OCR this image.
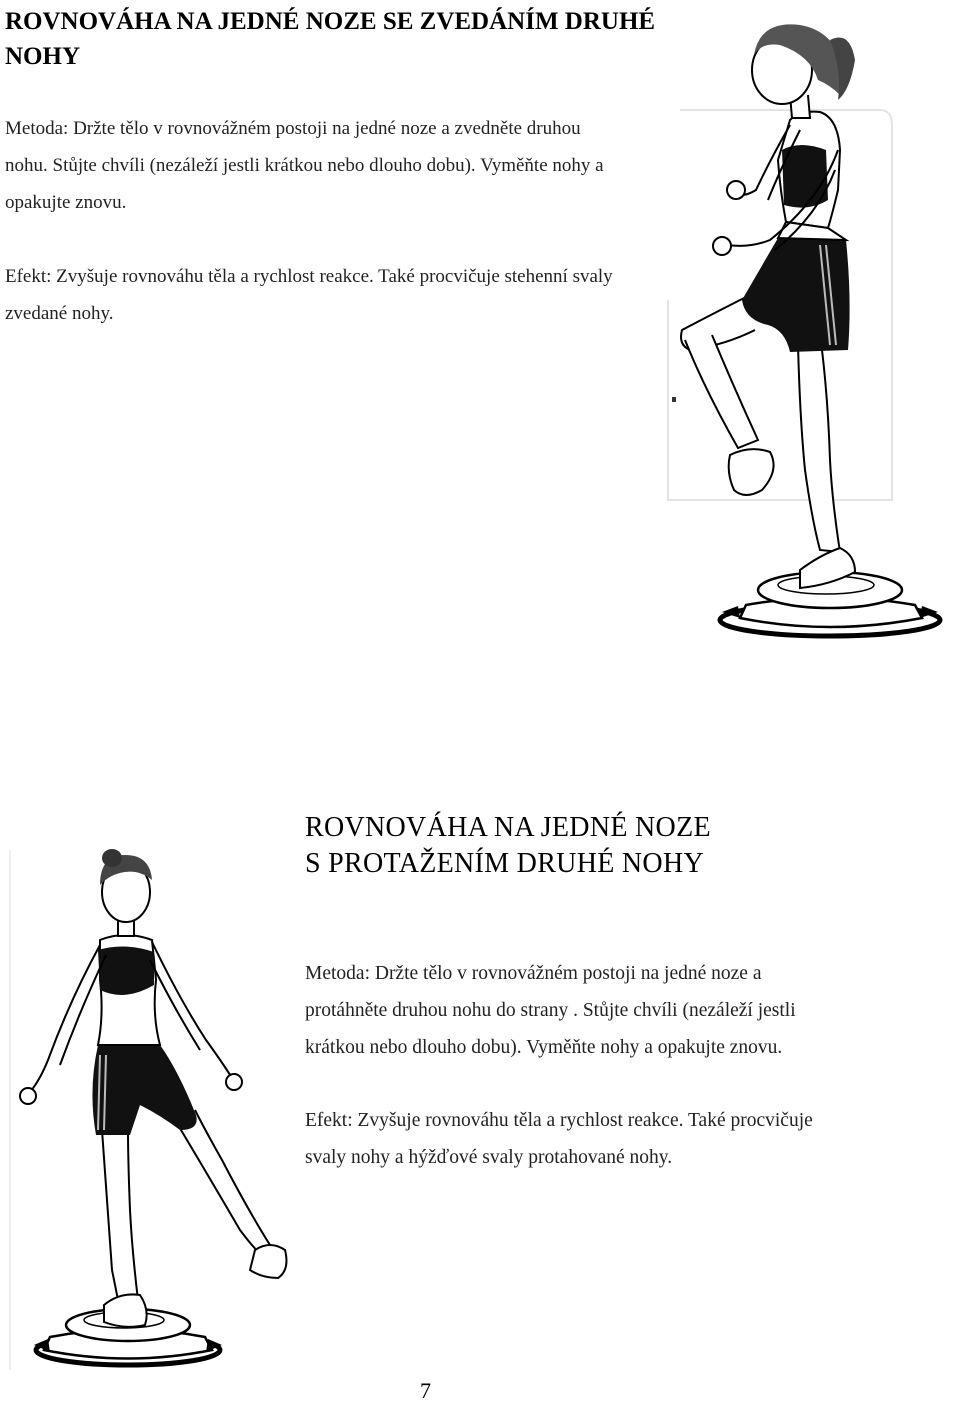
ROVNOVÁHA NA JEDNÉ NOZE SE ZVEDÁNÍM DRUHÉ

NOHY

Metoda: Držte tělo v rovnovážném postoji na jedné noze a zvedněte druhou

nohu. Stůjte chvíli (nezáleží jestli krátkou nebo dlouho dobu). Vyměňte nohy a

opakujte znovu.

Efekt: Zvyšuje rovnováhu těla a rychlost reakce. Také procvičuje stehenní svaly

zvedané nohy.

ROVNOVÁHA NA JEDNÉ NOZE

S PROTAŽENÍM DRUHÉ NOHY

Metoda: Držte tělo v rovnovážném postoji na jedné noze a

protáhněte druhou nohu do strany . Stůjte chvíli (nezáleží jestli

krátkou nebo dlouho dobu). Vyměňte nohy a opakujte znovu.

Efekt: Zvyšuje rovnováhu těla a rychlost reakce. Také procvičuje

svaly nohy a hýžďové svaly protahované nohy.

7
